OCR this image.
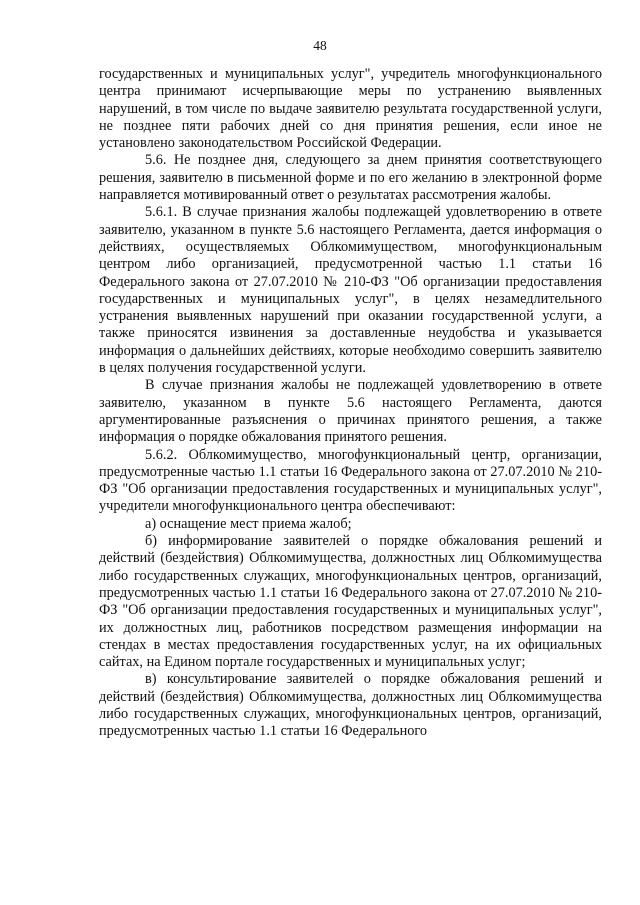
48

государственных и муниципальных услуг", учредитель многофункционального центра принимают исчерпывающие меры по устранению выявленных нарушений, в том числе по выдаче заявителю результата государственной услуги, не позднее пяти рабочих дней со дня принятия решения, если иное не установлено законодательством Российской Федерации.

5.6. Не позднее дня, следующего за днем принятия соответствующего решения, заявителю в письменной форме и по его желанию в электронной форме направляется мотивированный ответ о результатах рассмотрения жалобы.

5.6.1. В случае признания жалобы подлежащей удовлетворению в ответе заявителю, указанном в пункте 5.6 настоящего Регламента, дается информация о действиях, осуществляемых Облкомимуществом, многофункциональным центром либо организацией, предусмотренной частью 1.1 статьи 16 Федерального закона от 27.07.2010 № 210-ФЗ "Об организации предоставления государственных и муниципальных услуг", в целях незамедлительного устранения выявленных нарушений при оказании государственной услуги, а также приносятся извинения за доставленные неудобства и указывается информация о дальнейших действиях, которые необходимо совершить заявителю в целях получения государственной услуги.

В случае признания жалобы не подлежащей удовлетворению в ответе заявителю, указанном в пункте 5.6 настоящего Регламента, даются аргументированные разъяснения о причинах принятого решения, а также информация о порядке обжалования принятого решения.

5.6.2. Облкомимущество, многофункциональный центр, организации, предусмотренные частью 1.1 статьи 16 Федерального закона от 27.07.2010 № 210-ФЗ "Об организации предоставления государственных и муниципальных услуг", учредители многофункционального центра обеспечивают:

а) оснащение мест приема жалоб;

б) информирование заявителей о порядке обжалования решений и действий (бездействия) Облкомимущества, должностных лиц Облкомимущества либо государственных служащих, многофункциональных центров, организаций, предусмотренных частью 1.1 статьи 16 Федерального закона от 27.07.2010 № 210-ФЗ "Об организации предоставления государственных и муниципальных услуг", их должностных лиц, работников посредством размещения информации на стендах в местах предоставления государственных услуг, на их официальных сайтах, на Едином портале государственных и муниципальных услуг;

в) консультирование заявителей о порядке обжалования решений и действий (бездействия) Облкомимущества, должностных лиц Облкомимущества либо государственных служащих, многофункциональных центров, организаций, предусмотренных частью 1.1 статьи 16 Федерального
